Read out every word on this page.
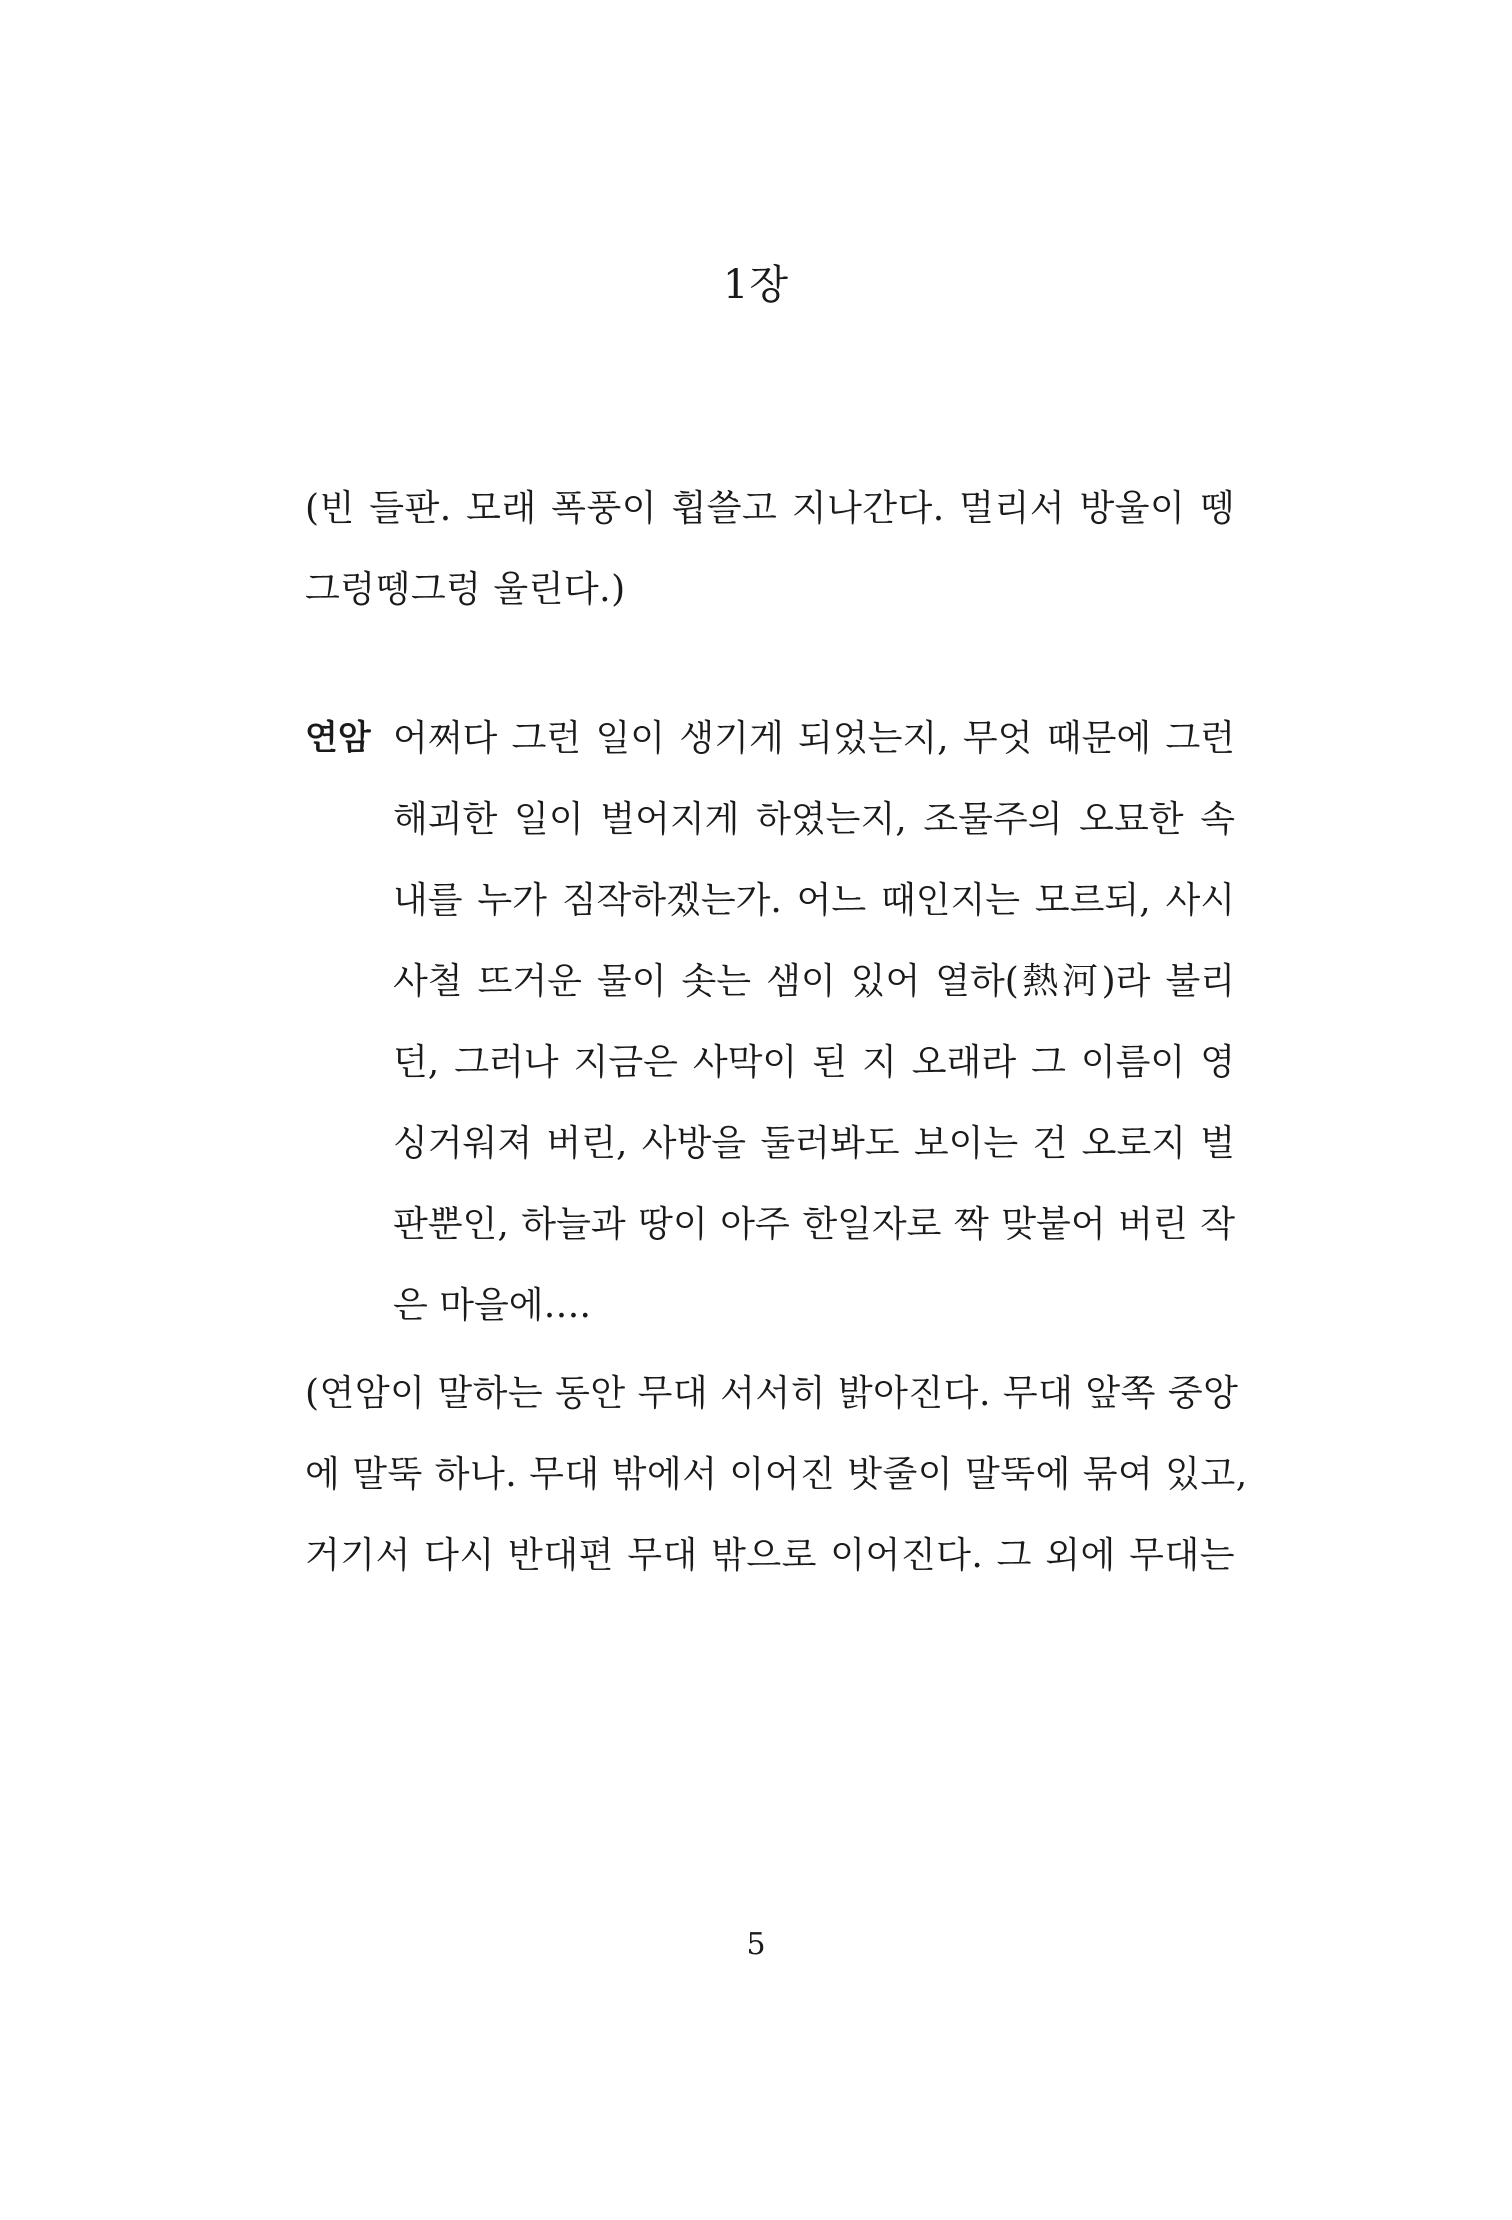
1장
(빈 들판. 모래 폭풍이 휩쓸고 지나간다. 멀리서 방울이 뗑
그렁뗑그렁 울린다.)
연암 어쩌다 그런 일이 생기게 되었는지, 무엇 때문에 그런
해괴한 일이 벌어지게 하였는지, 조물주의 오묘한 속
내를 누가 짐작하겠는가. 어느 때인지는 모르되, 사시
사철 뜨거운 물이 솟는 샘이 있어 열하(熱河)라 불리
던, 그러나 지금은 사막이 된 지 오래라 그 이름이 영
싱거워져 버린, 사방을 둘러봐도 보이는 건 오로지 벌
판뿐인, 하늘과 땅이 아주 한일자로 짝 맞붙어 버린 작
은 마을에….
(연암이 말하는 동안 무대 서서히 밝아진다. 무대 앞쪽 중앙
에 말뚝 하나. 무대 밖에서 이어진 밧줄이 말뚝에 묶여 있고,
거기서 다시 반대편 무대 밖으로 이어진다. 그 외에 무대는
5
